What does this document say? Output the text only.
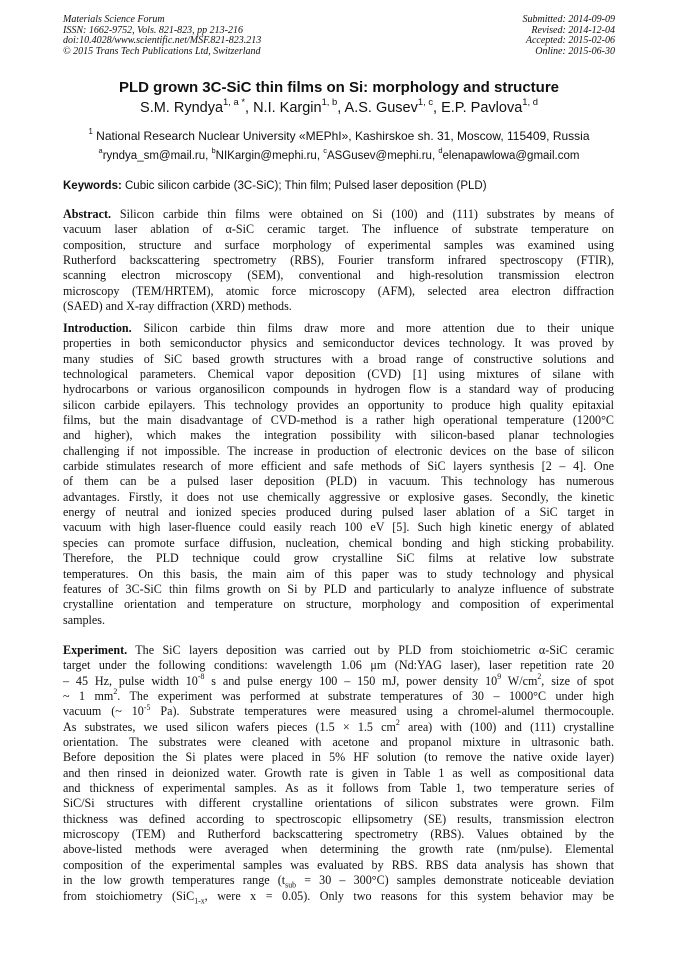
Materials Science Forum
ISSN: 1662-9752, Vols. 821-823, pp 213-216
doi:10.4028/www.scientific.net/MSF.821-823.213
© 2015 Trans Tech Publications Ltd, Switzerland
Submitted: 2014-09-09
Revised: 2014-12-04
Accepted: 2015-02-06
Online: 2015-06-30
PLD grown 3C-SiC thin films on Si: morphology and structure
S.M. Ryndya$^{1, a *}$, N.I. Kargin$^{1, b}$, A.S. Gusev$^{1, c}$, E.P. Pavlova$^{1, d}$
$^1$ National Research Nuclear University «MEPhI», Kashirskoe sh. 31, Moscow, 115409, Russia
$^a$ryndya_sm@mail.ru, $^b$NIKargin@mephi.ru, $^c$ASGusev@mephi.ru, $^d$elenapawlowa@gmail.com
Keywords: Cubic silicon carbide (3C-SiC); Thin film; Pulsed laser deposition (PLD)
Abstract. Silicon carbide thin films were obtained on Si (100) and (111) substrates by means of
vacuum laser ablation of α-SiC ceramic target. The influence of substrate temperature on
composition, structure and surface morphology of experimental samples was examined using
Rutherford backscattering spectrometry (RBS), Fourier transform infrared spectroscopy (FTIR),
scanning electron microscopy (SEM), conventional and high-resolution transmission electron
microscopy (TEM/HRTEM), atomic force microscopy (AFM), selected area electron diffraction
(SAED) and X-ray diffraction (XRD) methods.
Introduction. Silicon carbide thin films draw more and more attention due to their unique
properties in both semiconductor physics and semiconductor devices technology. It was proved by
many studies of SiC based growth structures with a broad range of constructive solutions and
technological parameters. Chemical vapor deposition (CVD) [1] using mixtures of silane with
hydrocarbons or various organosilicon compounds in hydrogen flow is a standard way of producing
silicon carbide epilayers. This technology provides an opportunity to produce high quality epitaxial
films, but the main disadvantage of CVD-method is a rather high operational temperature (1200°C
and higher), which makes the integration possibility with silicon-based planar technologies
challenging if not impossible. The increase in production of electronic devices on the base of silicon
carbide stimulates research of more efficient and safe methods of SiC layers synthesis [2 – 4]. One
of them can be a pulsed laser deposition (PLD) in vacuum. This technology has numerous
advantages. Firstly, it does not use chemically aggressive or explosive gases. Secondly, the kinetic
energy of neutral and ionized species produced during pulsed laser ablation of a SiC target in
vacuum with high laser-fluence could easily reach 100 eV [5]. Such high kinetic energy of ablated
species can promote surface diffusion, nucleation, chemical bonding and high sticking probability.
Therefore, the PLD technique could grow crystalline SiC films at relative low substrate
temperatures. On this basis, the main aim of this paper was to study technology and physical
features of 3C-SiC thin films growth on Si by PLD and particularly to analyze influence of substrate
crystalline orientation and temperature on structure, morphology and composition of experimental
samples.
Experiment. The SiC layers deposition was carried out by PLD from stoichiometric α-SiC ceramic
target under the following conditions: wavelength 1.06 μm (Nd:YAG laser), laser repetition rate 20
– 45 Hz, pulse width $10^{-8}$ s and pulse energy 100 – 150 mJ, power density $10^9$ $W/cm^2$, size of spot
~ 1 $mm^2$. The experiment was performed at substrate temperatures of 30 – 1000°C under high
vacuum (~ $10^{-5}$ Pa). Substrate temperatures were measured using a chromel-alumel thermocouple.
As substrates, we used silicon wafers pieces (1.5 × 1.5 $cm^2$ area) with (100) and (111) crystalline
orientation. The substrates were cleaned with acetone and propanol mixture in ultrasonic bath.
Before deposition the Si plates were placed in 5% HF solution (to remove the native oxide layer)
and then rinsed in deionized water. Growth rate is given in Table 1 as well as compositional data
and thickness of experimental samples. As as it follows from Table 1, two temperature series of
SiC/Si structures with different crystalline orientations of silicon substrates were grown. Film
thickness was defined according to spectroscopic ellipsometry (SE) results, transmission electron
microscopy (TEM) and Rutherford backscattering spectrometry (RBS). Values obtained by the
above-listed methods were averaged when determining the growth rate (nm/pulse). Elemental
composition of the experimental samples was evaluated by RBS. RBS data analysis has shown that
in the low growth temperatures range $(t_{sub} = 30 - 300^\circ C)$ samples demonstrate noticeable deviation
from stoichiometry (SiC$_{1-x}$, were x = 0.05). Only two reasons for this system behavior may be
